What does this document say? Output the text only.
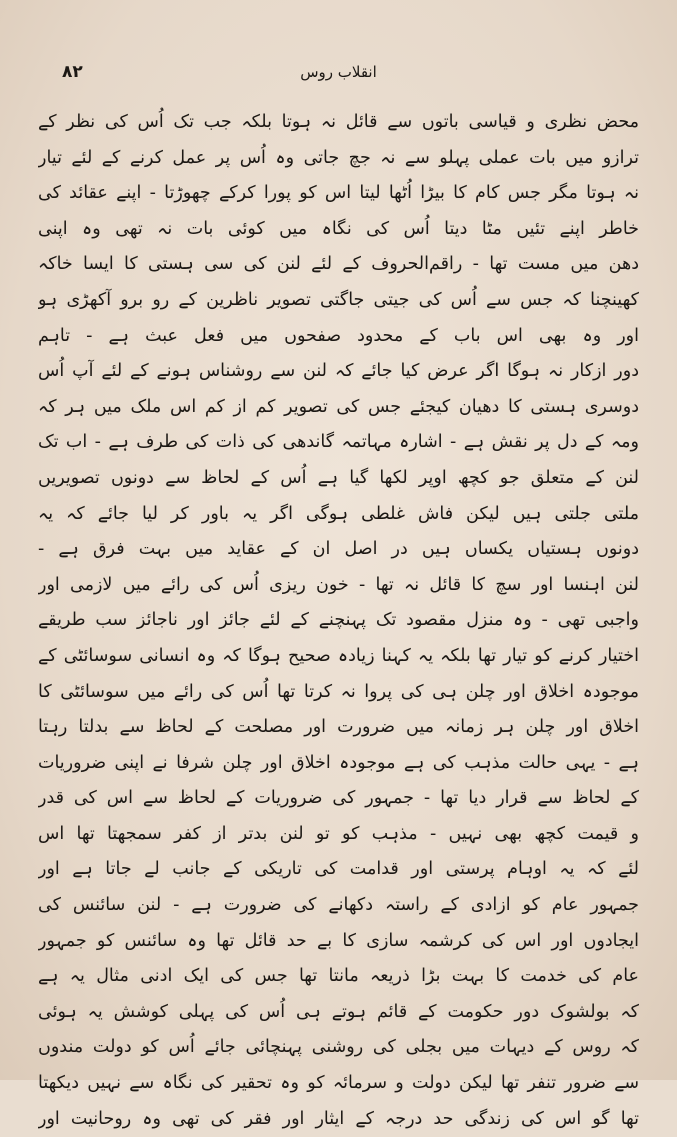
۸۲	انقلاب روس
محض نظری و قیاسی باتوں سے قائل نہ ہوتا بلکہ جب تک اُس کی نظر کے
ترازو میں بات عملی پہلو سے نہ جچ جاتی وہ اُس پر عمل کرنے کے لئے تیار
نہ ہوتا مگر جس کام کا بیڑا اُٹھا لیتا اس کو پورا کرکے چھوڑتا - اپنے عقائد کی
خاطر اپنے تئیں مٹا دیتا اُس کی نگاہ میں کوئی بات نہ تھی وہ اپنی
دھن میں مست تھا - راقم‌الحروف کے لئے لنن کی سی ہستی کا ایسا خاکہ
کھینچنا کہ جس سے اُس کی جیتی جاگتی تصویر ناظرین کے رو برو آکھڑی ہو
اور وہ بھی اس باب کے محدود صفحوں میں فعل عبث ہے - تاہم
دور ازکار نہ ہوگا اگر عرض کیا جائے کہ لنن سے روشناس ہونے کے لئے آپ اُس
دوسری ہستی کا دھیان کیجئے جس کی تصویر کم از کم اس ملک میں ہر کہ
ومہ کے دل پر نقش ہے - اشارہ مہاتمہ گاندھی کی ذات کی طرف ہے - اب تک
لنن کے متعلق جو کچھ اوپر لکھا گیا ہے اُس کے لحاظ سے دونوں تصویریں
ملتی جلتی ہیں لیکن فاش غلطی ہوگی اگر یہ باور کر لیا جائے کہ یہ
دونوں ہستیاں یکساں ہیں در اصل ان کے عقاید میں بہت فرق ہے -
لنن اہنسا اور سچ کا قائل نہ تھا - خون ریزی اُس کی رائے میں لازمی اور
واجبی تھی - وہ منزل مقصود تک پہنچنے کے لئے جائز اور ناجائز سب طریقے
اختیار کرنے کو تیار تھا بلکہ یہ کہنا زیادہ صحیح ہوگا کہ وہ انسانی سوسائٹی کے
موجودہ اخلاق اور چلن ہی کی پروا نہ کرتا تھا اُس کی رائے میں سوسائٹی کا
اخلاق اور چلن ہر زمانہ میں ضرورت اور مصلحت کے لحاظ سے بدلتا رہتا
ہے - یہی حالت مذہب کی ہے موجودہ اخلاق اور چلن شرفا نے اپنی ضروریات
کے لحاظ سے قرار دیا تھا - جمہور کی ضروریات کے لحاظ سے اس کی قدر
و قیمت کچھ بھی نہیں - مذہب کو تو لنن بدتر از کفر سمجھتا تھا اس
لئے کہ یہ اوہام پرستی اور قدامت کی تاریکی کے جانب لے جاتا ہے اور
جمہور عام کو ازادی کے راستہ دکھانے کی ضرورت ہے - لنن سائنس کی
ایجادوں اور اس کی کرشمہ سازی کا بے حد قائل تھا وہ سائنس کو جمہور
عام کی خدمت کا بہت بڑا ذریعہ مانتا تھا جس کی ایک ادنی مثال یہ ہے
کہ بولشوک دور حکومت کے قائم ہوتے ہی اُس کی پہلی کوشش یہ ہوئی
کہ روس کے دیہات میں بجلی کی روشنی پہنچائی جائے اُس کو دولت مندوں
سے ضرور تنفر تھا لیکن دولت و سرمائہ کو وہ تحقیر کی نگاہ سے نہیں دیکھتا
تھا گو اس کی زندگی حد درجہ کے ایثار اور فقر کی تھی وہ روحانیت اور
